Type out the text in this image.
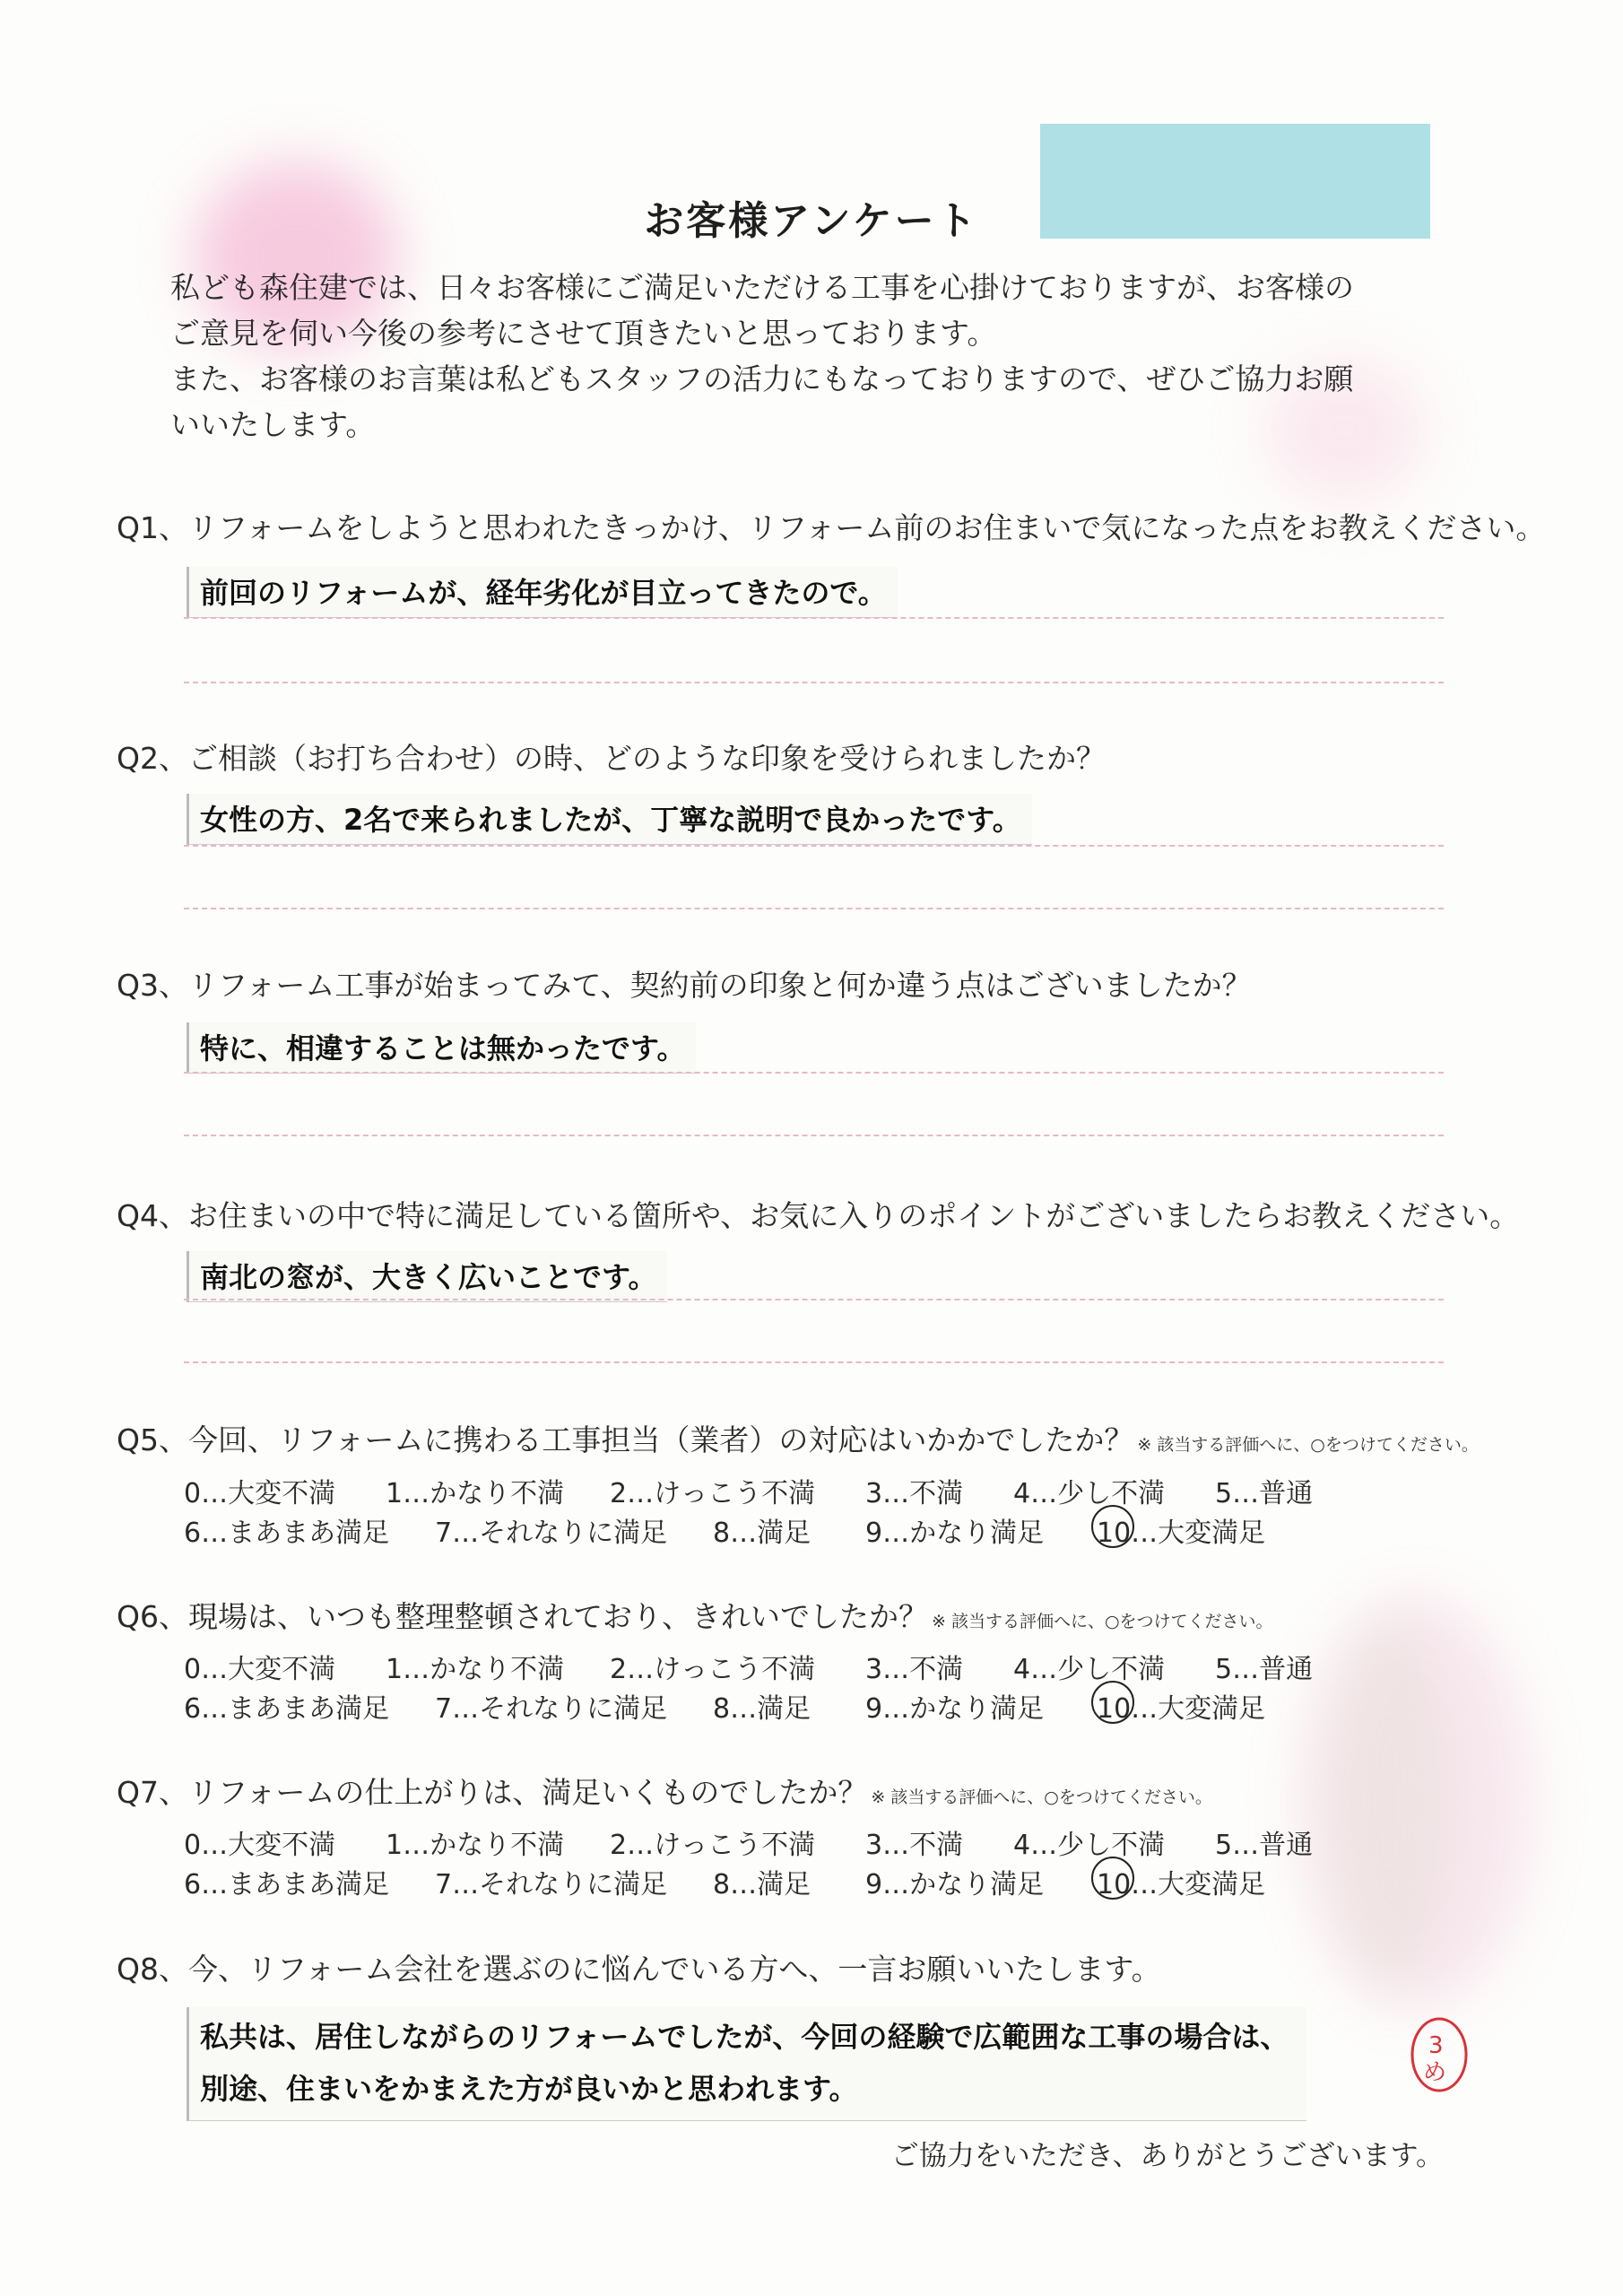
お客様アンケート
私ども森住建では、日々お客様にご満足いただける工事を心掛けておりますが、お客様の
ご意見を伺い今後の参考にさせて頂きたいと思っております。
また、お客様のお言葉は私どもスタッフの活力にもなっておりますので、ぜひご協力お願
いいたします。
Q1、リフォームをしようと思われたきっかけ、リフォーム前のお住まいで気になった点をお教えください。
前回のリフォームが、経年劣化が目立ってきたので。
Q2、ご相談（お打ち合わせ）の時、どのような印象を受けられましたか？
女性の方、2名で来られましたが、丁寧な説明で良かったです。
Q3、リフォーム工事が始まってみて、契約前の印象と何か違う点はございましたか？
特に、相違することは無かったです。
Q4、お住まいの中で特に満足している箇所や、お気に入りのポイントがございましたらお教えください。
南北の窓が、大きく広いことです。
Q5、今回、リフォームに携わる工事担当（業者）の対応はいかかでしたか？ ※ 該当する評価へに、○をつけてください。
0…大変不満 1…かなり不満 2…けっこう不満 3…不満 4…少し不満 5…普通
6…まあまあ満足 7…それなりに満足 8…満足 9…かなり満足 10…大変満足
Q6、現場は、いつも整理整頓されており、きれいでしたか？ ※ 該当する評価へに、○をつけてください。
0…大変不満 1…かなり不満 2…けっこう不満 3…不満 4…少し不満 5…普通
6…まあまあ満足 7…それなりに満足 8…満足 9…かなり満足 10…大変満足
Q7、リフォームの仕上がりは、満足いくものでしたか？ ※ 該当する評価へに、○をつけてください。
0…大変不満 1…かなり不満 2…けっこう不満 3…不満 4…少し不満 5…普通
6…まあまあ満足 7…それなりに満足 8…満足 9…かなり満足 10…大変満足
Q8、今、リフォーム会社を選ぶのに悩んでいる方へ、一言お願いいたします。
私共は、居住しながらのリフォームでしたが、今回の経験で広範囲な工事の場合は、
別途、住まいをかまえた方が良いかと思われます。
3
め
ご協力をいただき、ありがとうございます。
